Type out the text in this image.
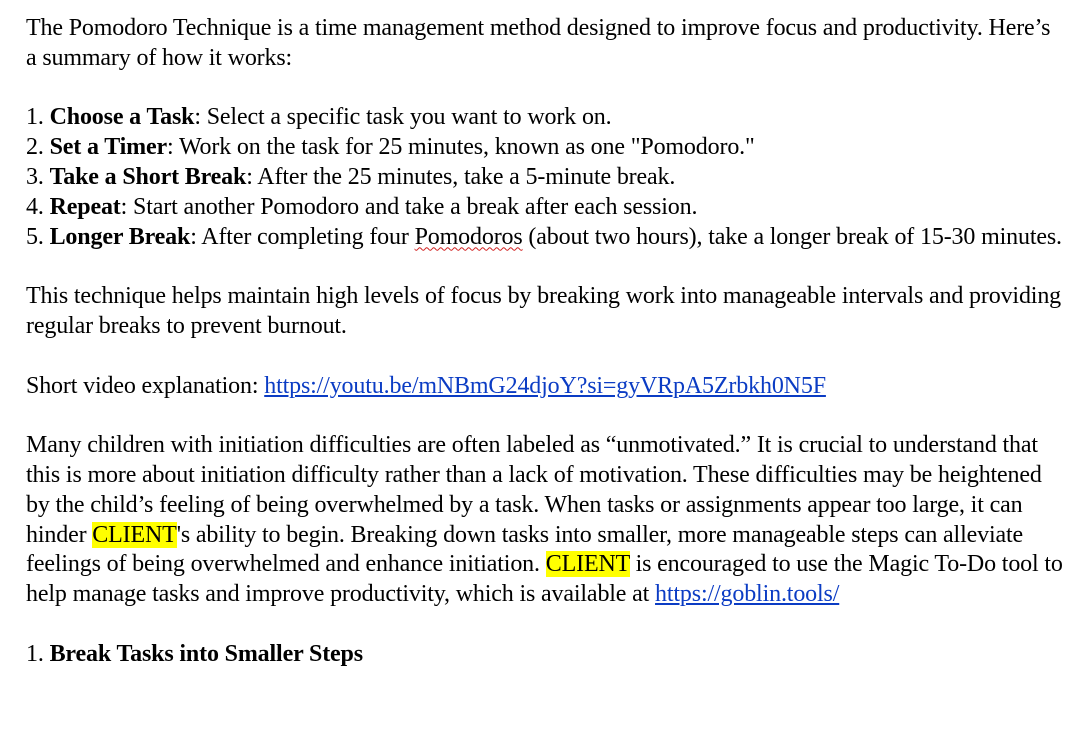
The Pomodoro Technique is a time management method designed to improve focus and productivity. Here’s a summary of how it works:

1. Choose a Task: Select a specific task you want to work on.
2. Set a Timer: Work on the task for 25 minutes, known as one "Pomodoro."
3. Take a Short Break: After the 25 minutes, take a 5-minute break.
4. Repeat: Start another Pomodoro and take a break after each session.
5. Longer Break: After completing four Pomodoros (about two hours), take a longer break of 15-30 minutes.

This technique helps maintain high levels of focus by breaking work into manageable intervals and providing regular breaks to prevent burnout.

Short video explanation: https://youtu.be/mNBmG24djoY?si=gyVRpA5Zrbkh0N5F

Many children with initiation difficulties are often labeled as “unmotivated.” It is crucial to understand that this is more about initiation difficulty rather than a lack of motivation. These difficulties may be heightened by the child’s feeling of being overwhelmed by a task. When tasks or assignments appear too large, it can hinder CLIENT's ability to begin. Breaking down tasks into smaller, more manageable steps can alleviate feelings of being overwhelmed and enhance initiation. CLIENT is encouraged to use the Magic To-Do tool to help manage tasks and improve productivity, which is available at https://goblin.tools/

1. Break Tasks into Smaller Steps
